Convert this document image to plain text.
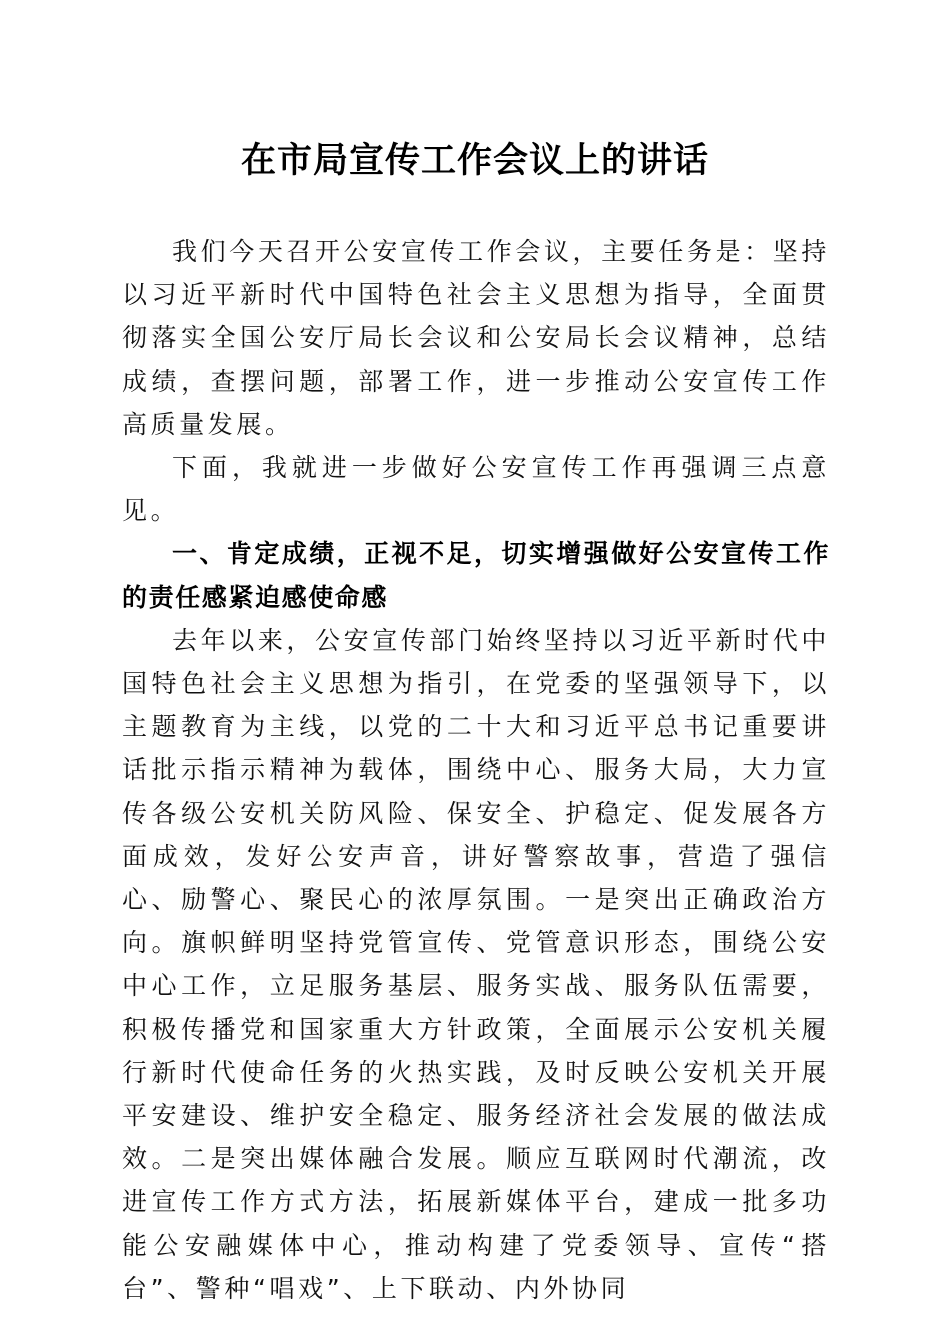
在市局宣传工作会议上的讲话

我们今天召开公安宣传工作会议，主要任务是：坚持以习近平新时代中国特色社会主义思想为指导，全面贯彻落实全国公安厅局长会议和公安局长会议精神，总结成绩，查摆问题，部署工作，进一步推动公安宣传工作高质量发展。

下面，我就进一步做好公安宣传工作再强调三点意见。

一、肯定成绩，正视不足，切实增强做好公安宣传工作的责任感紧迫感使命感

去年以来，公安宣传部门始终坚持以习近平新时代中国特色社会主义思想为指引，在党委的坚强领导下，以主题教育为主线，以党的二十大和习近平总书记重要讲话批示指示精神为载体，围绕中心、服务大局，大力宣传各级公安机关防风险、保安全、护稳定、促发展各方面成效，发好公安声音，讲好警察故事，营造了强信心、励警心、聚民心的浓厚氛围。一是突出正确政治方向。旗帜鲜明坚持党管宣传、党管意识形态，围绕公安中心工作，立足服务基层、服务实战、服务队伍需要，积极传播党和国家重大方针政策，全面展示公安机关履行新时代使命任务的火热实践，及时反映公安机关开展平安建设、维护安全稳定、服务经济社会发展的做法成效。二是突出媒体融合发展。顺应互联网时代潮流，改进宣传工作方式方法，拓展新媒体平台，建成一批多功能公安融媒体中心，推动构建了党委领导、宣传“搭台”、警种“唱戏”、上下联动、内外协同
